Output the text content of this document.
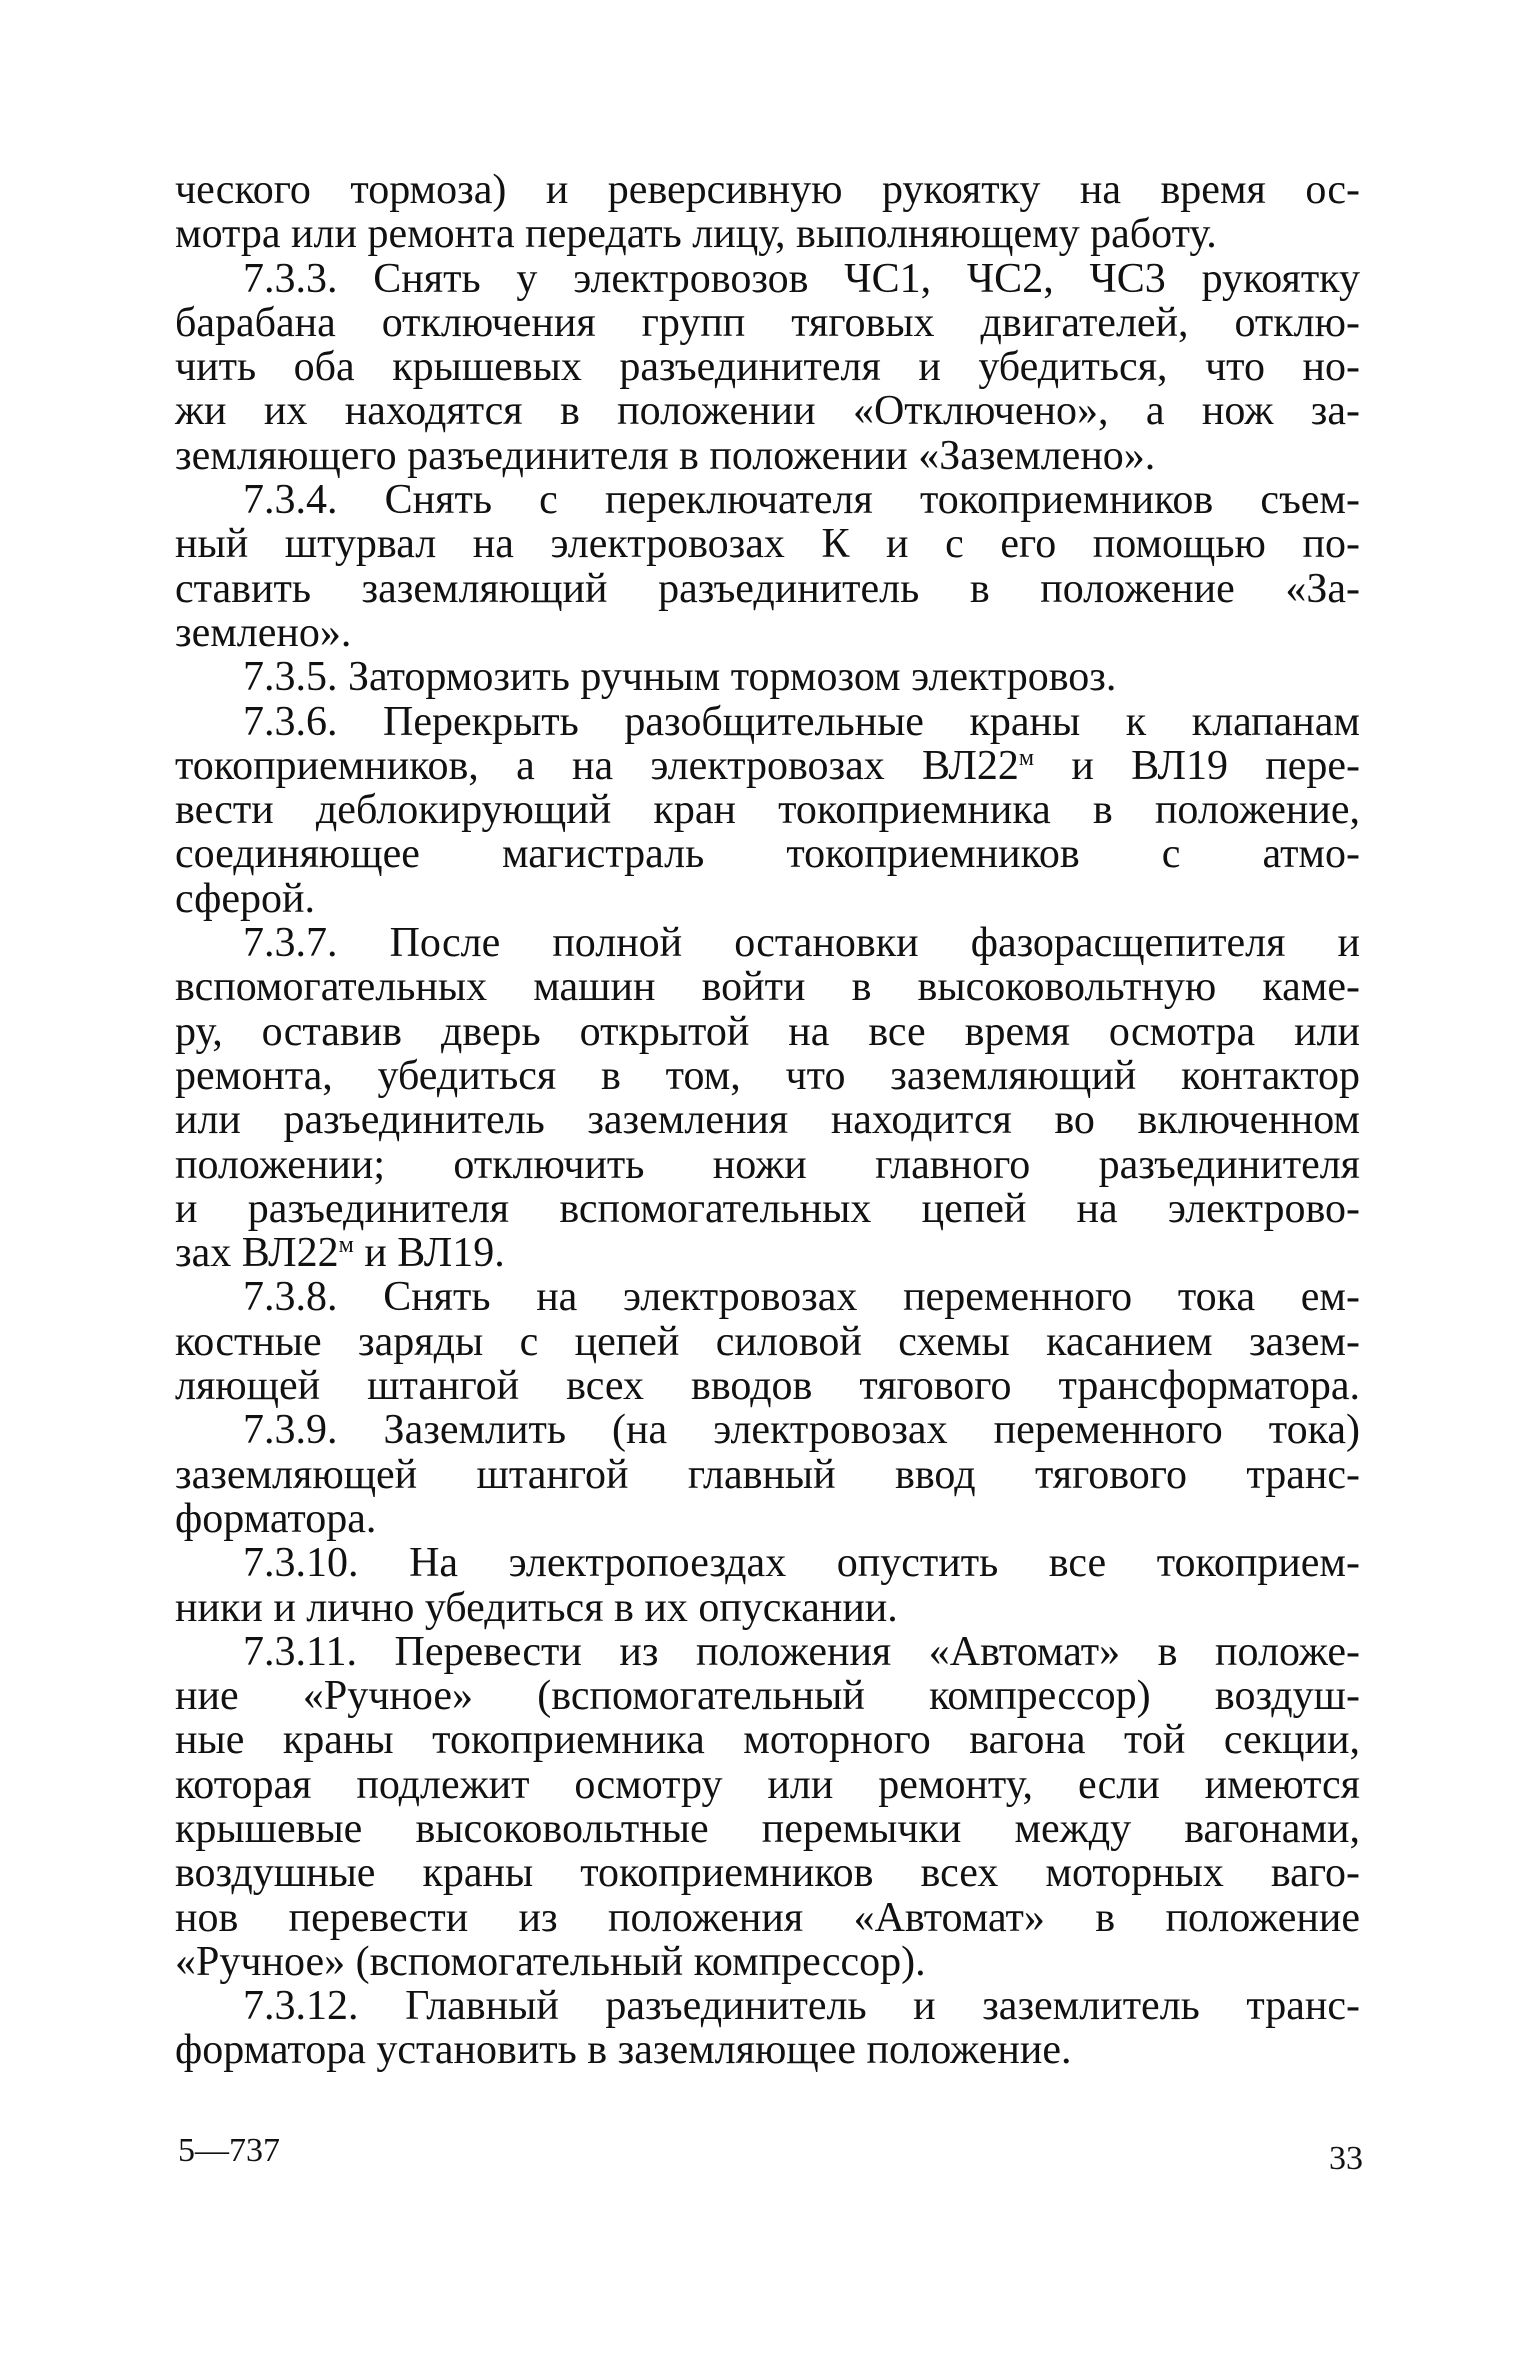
ческого тормоза) и реверсивную рукоятку на время ос-
мотра или ремонта передать лицу, выполняющему работу.
7.3.3. Снять у электровозов ЧС1, ЧС2, ЧС3 рукоятку
барабана отключения групп тяговых двигателей, отклю-
чить оба крышевых разъединителя и убедиться, что но-
жи их находятся в положении «Отключено», а нож за-
земляющего разъединителя в положении «Заземлено».
7.3.4. Снять с переключателя токоприемников съем-
ный штурвал на электровозах К и с его помощью по-
ставить заземляющий разъединитель в положение «За-
землено».
7.3.5. Затормозить ручным тормозом электровоз.
7.3.6. Перекрыть разобщительные краны к клапанам
токоприемников, а на электровозах $ВЛ22^м$ и ВЛ19 пере-
вести деблокирующий кран токоприемника в положение,
соединяющее магистраль токоприемников с атмо-
сферой.
7.3.7. После полной остановки фазорасщепителя и
вспомогательных машин войти в высоковольтную каме-
ру, оставив дверь открытой на все время осмотра или
ремонта, убедиться в том, что заземляющий контактор
или разъединитель заземления находится во включенном
положении; отключить ножи главного разъединителя
и разъединителя вспомогательных цепей на электрово-
зах $ВЛ22^м$ и ВЛ19.
7.3.8. Снять на электровозах переменного тока ем-
костные заряды с цепей силовой схемы касанием зазем-
ляющей штангой всех вводов тягового трансформатора.
7.3.9. Заземлить (на электровозах переменного тока)
заземляющей штангой главный ввод тягового транс-
форматора.
7.3.10. На электропоездах опустить все токоприем-
ники и лично убедиться в их опускании.
7.3.11. Перевести из положения «Автомат» в положе-
ние «Ручное» (вспомогательный компрессор) воздуш-
ные краны токоприемника моторного вагона той секции,
которая подлежит осмотру или ремонту, если имеются
крышевые высоковольтные перемычки между вагонами,
воздушные краны токоприемников всех моторных ваго-
нов перевести из положения «Автомат» в положение
«Ручное» (вспомогательный компрессор).
7.3.12. Главный разъединитель и заземлитель транс-
форматора установить в заземляющее положение.
5—737	33
